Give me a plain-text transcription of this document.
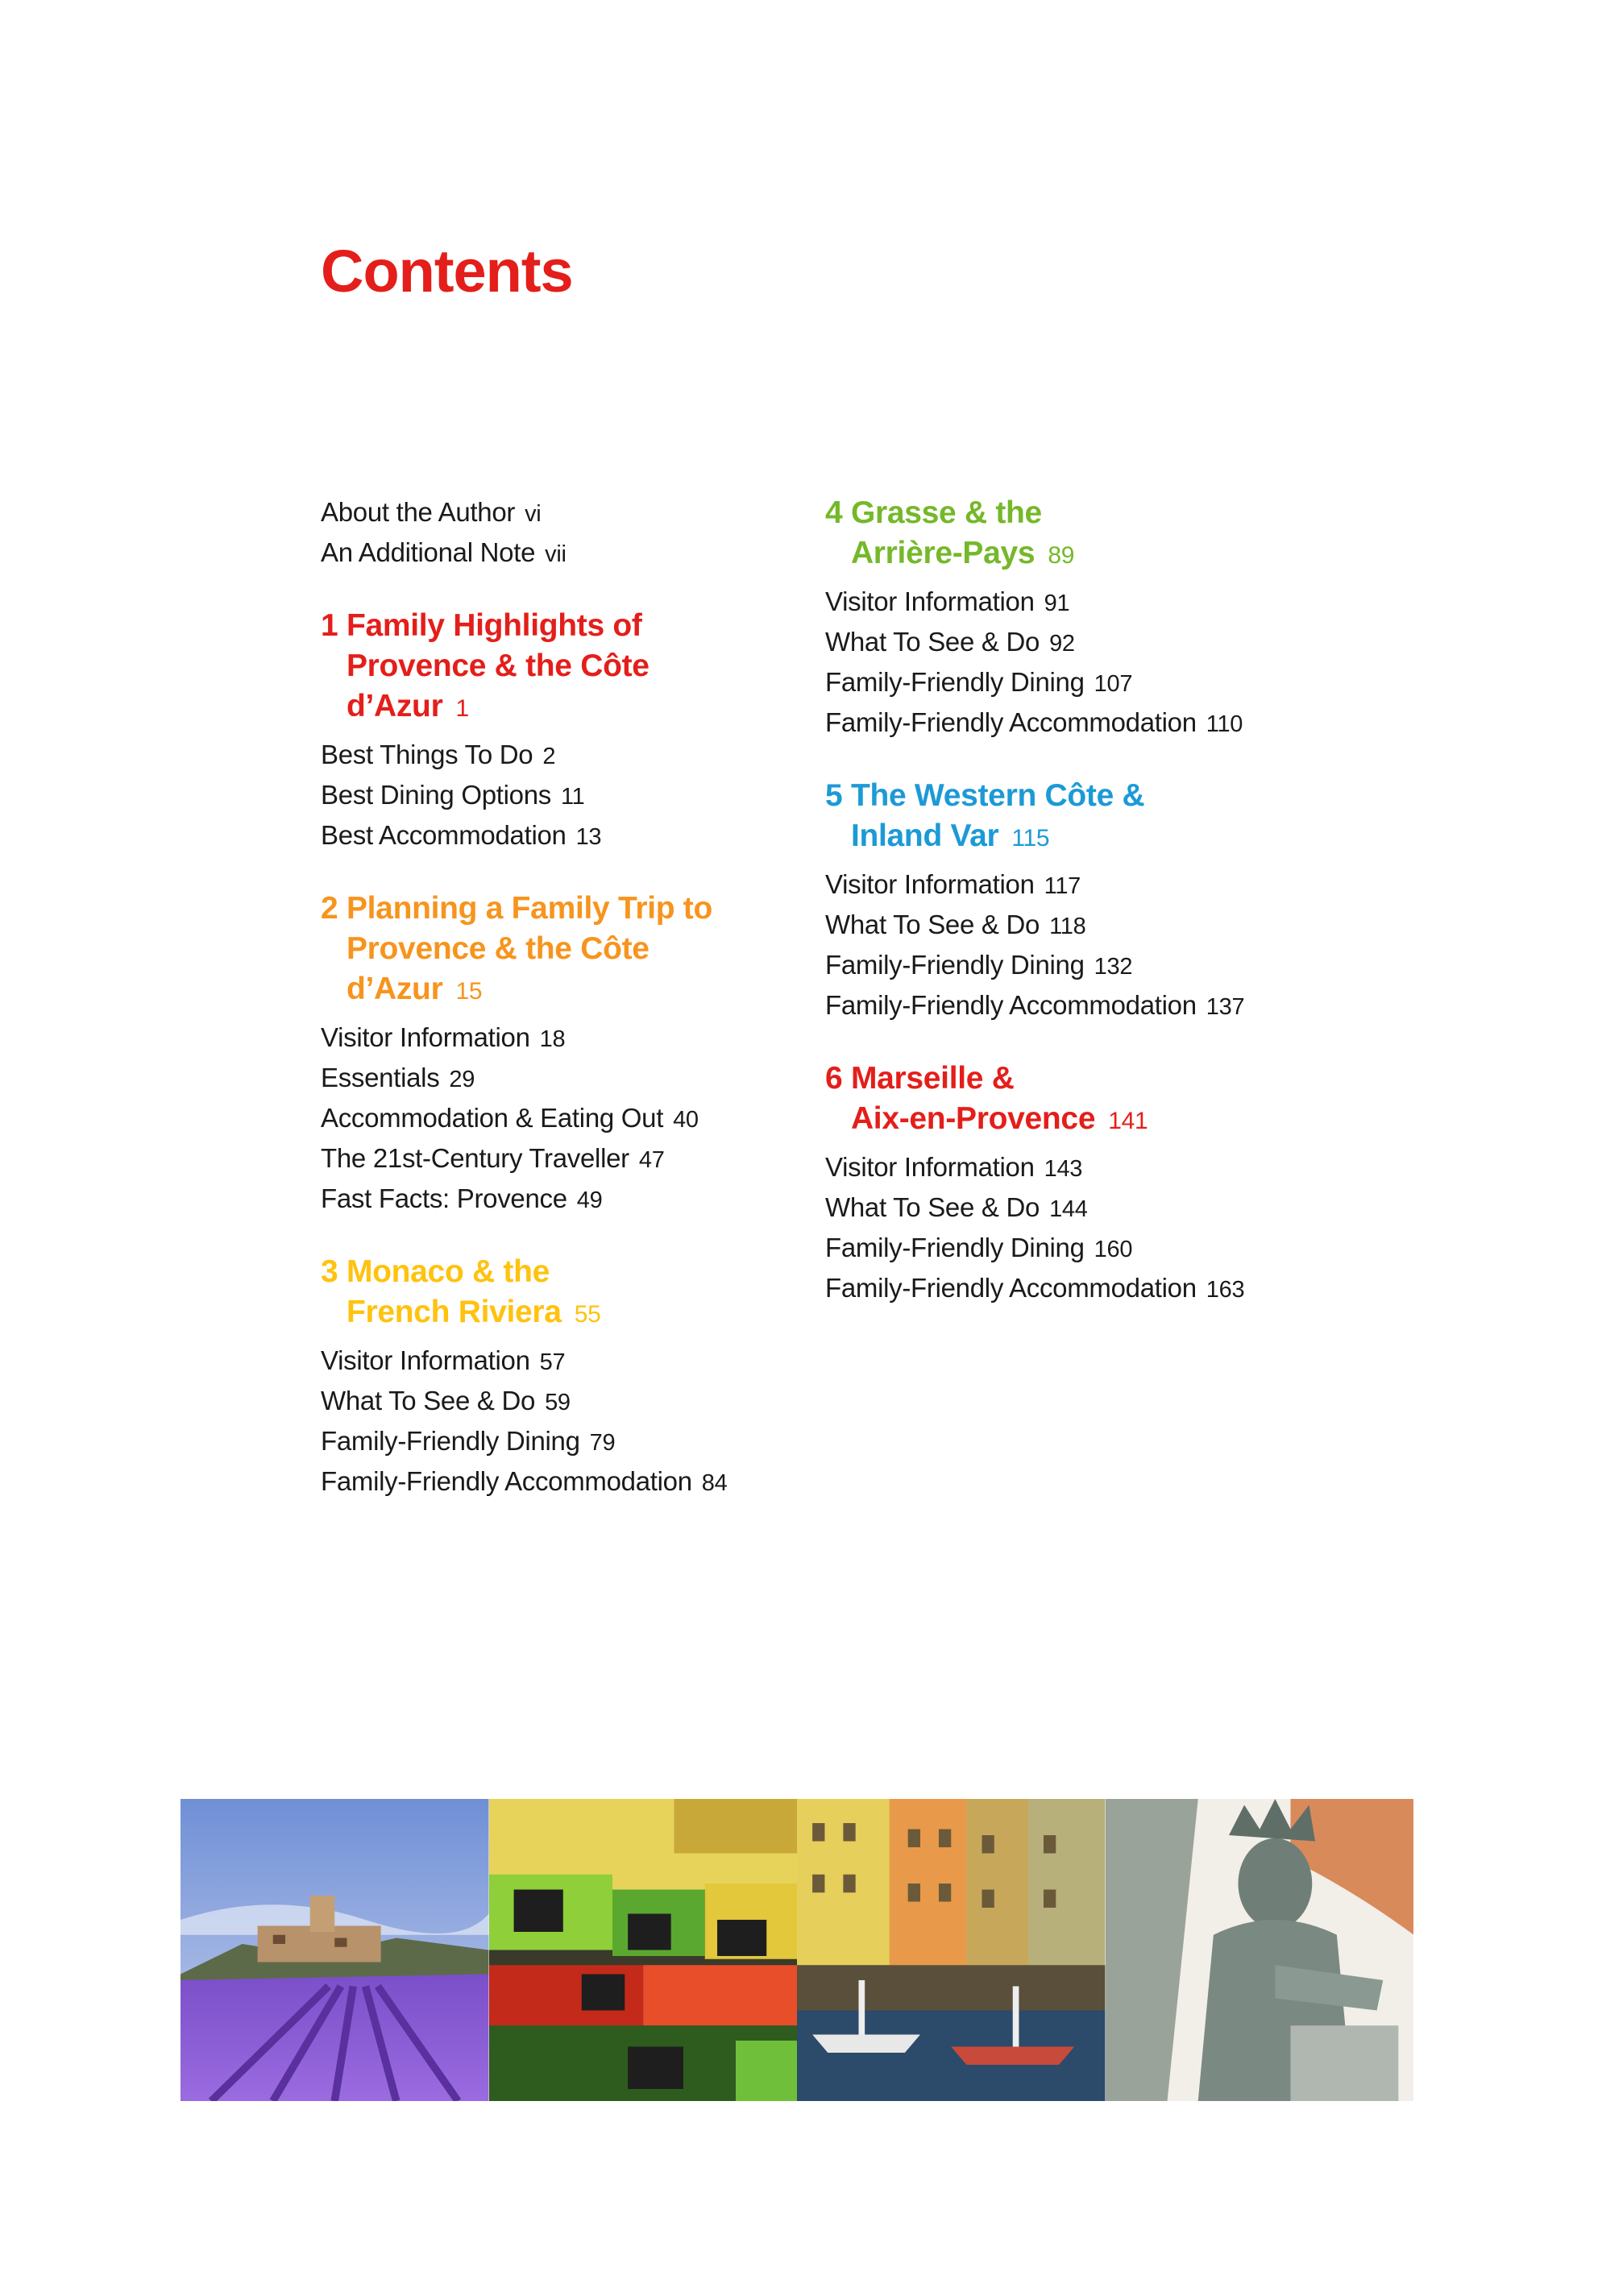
Contents
About the Author vi
An Additional Note vii
1
Family Highlights of
Provence & the Côte
d’Azur 1
Best Things To Do 2
Best Dining Options 11
Best Accommodation 13
2
Planning a Family Trip to
Provence & the Côte
d’Azur 15
Visitor Information 18
Essentials 29
Accommodation & Eating Out 40
The 21st-Century Traveller 47
Fast Facts: Provence 49
3
Monaco & the
French Riviera 55
Visitor Information 57
What To See & Do 59
Family-Friendly Dining 79
Family-Friendly Accommodation 84
4
Grasse & the
Arrière-Pays 89
Visitor Information 91
What To See & Do 92
Family-Friendly Dining 107
Family-Friendly Accommodation 110
5
The Western Côte &
Inland Var 115
Visitor Information 117
What To See & Do 118
Family-Friendly Dining 132
Family-Friendly Accommodation 137
6
Marseille &
Aix-en-Provence 141
Visitor Information 143
What To See & Do 144
Family-Friendly Dining 160
Family-Friendly Accommodation 163
